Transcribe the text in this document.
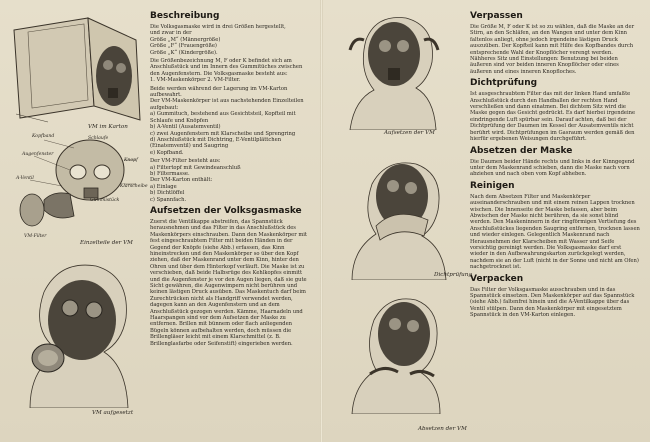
VM im Karton
Kopfband	Schlaufe
Knopf
Augenfenster
A-Ventil
Klarscheibe
Gummistück
VM-Filter
Einzelteile der VM
VM aufgesetzt
Beschreibung

Die Volksgasmaske wird in drei Größen hergestellt,
und zwar in der
Größe „M“ (Männergröße)
Größe „F“ (Frauengröße)
Größe „K“ (Kindergröße).

Die Größenbezeichnung M, F oder K befindet sich am Anschlußstück und im Innern des Gummitüches zwischen den Augenfenstern. Die Volksgasmaske besteht aus:
1. VM-Maskenkörper 2. VM-Filter.

Beide werden während der Lagerung im VM-Karton aufbewahrt.
Der VM-Maskenkörper ist aus nachstehenden Einzelteilen aufgebaut:
a) Gummituch, bestehend aus Gesichtsteil, Kopfteil mit Schlaufe und Knöpfen
b) A-Ventil (Ausatemventil)
c) zwei Augenfenstern mit Klarscheibe und Sprengring
d) Anschlußstück mit Dichtring, E-Ventilplättchen (Einatemventil) und Saugring
e) Kopfband.

Der VM-Filter besteht aus:
a) Filtertopf mit Gewindeanschluß
b) Filtermasse.
Der VM-Karton enthält:
a) Einlage
b) Dichtlöffel
c) Spannfach.

Aufsetzen der Volksgasmaske

Zuerst die Ventilkappe abstreifen, das Spannstück herausnehmen und das Filter in das Anschlußstück des Maskenkörpers einschrauben. Dann den Maskenkörper mit fest eingeschraubtem Filter mit beiden Händen in der Gegend der Knöpfe (siehe Abb.) erfassen, das Kinn hineinstrecken und den Maskenkörper so über den Kopf ziehen, daß der Maskenrand unter dem Kinn, hinter den Ohren und über dem Hinterkopf verläuft. Die Maske ist zu verschieben, daß beide Halbsrüge des Kehlkopfes einmitt und die Augenfenster je vor den Augen liegen, daß sie gute Sicht gewähren, die Augenwimpern nicht berühren und keinen lästigen Druck ausüben. Das Maskentuch darf beim Zurechtrücken nicht als Handgriff verwendet werden, dagegen kann an den Augenfenstern und an dem Anschlußstück gezogen werden. Kämme, Haarnadeln und Haarspangen sind vor dem Aufsetzen der Maske zu entfernen. Brillen mit bünnem oder flach anliegenden Bügeln können aufbehalten werden, doch müssen die Brillengläser leicht mit einem Klarschmittel (z. B. Brillenglasfarbe oder Seifenstift) eingerieben werden.

Aufsetzen der VM
Dichtprüfung
Absetzen der VM
Verpassen

Die Größe M, F oder K ist so zu wählen, daß die Maske an der Stirn, an den Schläfen, an den Wangen und unter dem Kinn faltenlos anliegt, ohne jedoch irgendeine lästigen Druck auszuüben. Der Kopfteil kann mit Hilfe des Kopfbandes durch entsprechende Wahl der Knopflöcher verengt werden. Nähheres Sitz und Einstellungen: Benutzung bei beiden äußeren sind vor beiden inneren Knopflöcher oder eines äußeren und eines inneren Knopfloches.

Dichtprüfung

Ist ausgeschraubtem Filter das mit der linken Hand umfaßte Anschlußstück durch den Handballen der rechten Hand verschließen und dann einatmen. Bei dichtem Sitz wird die Maske gegen das Gesicht gedrückt. Es darf hierbei irgendeine eindringende Luft spürbar sein. Darauf achten, daß bei der Dichtprüfung der Daumen im Kessel der Ausatemventils nicht berührt wird. Dichtprüfungen im Gasraum werden gemäß den hierfür ergebenen Weisungen durchgeführt.

Absetzen der Maske

Die Daumen beider Hände rechts und links in der Kinngegend unter dem Maskenrand schieben, dann die Maske nach vorn abziehen und nach oben vom Kopf abheben.

Reinigen

Nach dem Absetzen Filter und Maskenkörper auseinanderschrauben und mit einem reinen Lappen trocknen wischen. Die Innenseite der Maske befassen, aber beim Abwischen der Maske nicht berühren, da sie sonst blind werden. Den Maskeninnern in der ringförmigen Vertiefung des Anschlußstückes liegenden Saugring entfernen, trocknen lassen und wieder einlegen. Gelegentlich Maskenrand nach Herausnehmen der Klarscheiben mit Wasser und Seife vorsichtig gereinigt werden. Die Volksgasmaske darf erst wieder in den Aufbewahrungskarton zurückgelegt werden, nachdem sie an der Luft (nicht in der Sonne und nicht am Ofen) nachgetrocknet ist.

Verpacken

Das Filter der Volksgasmaske ausschrauben und in das Spannstück einsetzen. Den Maskenkörper auf das Spannstück (siehe Abb.) faltenfrei hinein und die A-Ventilkappe über das Ventil stülpen. Dann den Maskenkörper mit eingesetztem Spannstück in den VM-Karton einlegen.
